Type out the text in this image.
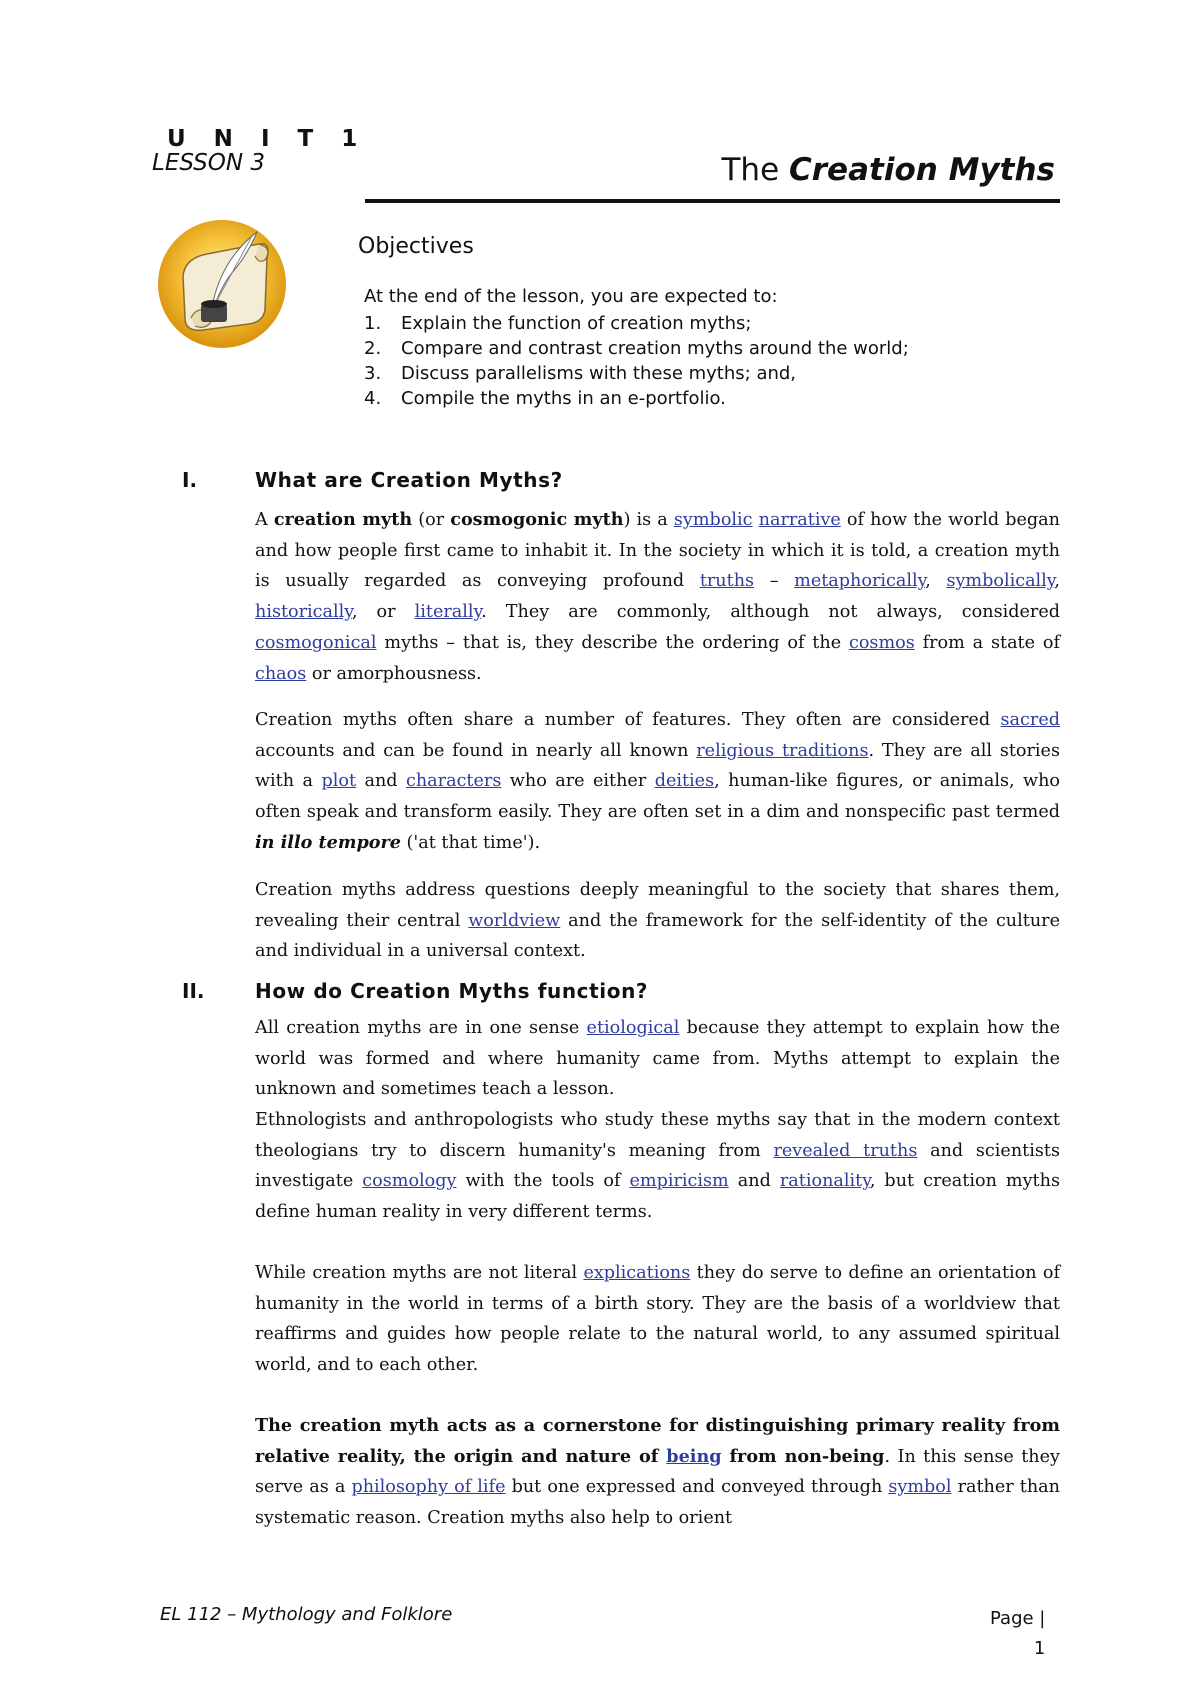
U N I T 1
LESSON 3	The Creation Myths
Objectives
At the end of the lesson, you are expected to:
1. Explain the function of creation myths;
2. Compare and contrast creation myths around the world;
3. Discuss parallelisms with these myths; and,
4. Compile the myths in an e-portfolio.
I.	What are Creation Myths?

A creation myth (or cosmogonic myth) is a symbolic narrative of how the world began and how people first came to inhabit it. In the society in which it is told, a creation myth is usually regarded as conveying profound truths – metaphorically, symbolically, historically, or literally. They are commonly, although not always, considered cosmogonical myths – that is, they describe the ordering of the cosmos from a state of chaos or amorphousness.

Creation myths often share a number of features. They often are considered sacred accounts and can be found in nearly all known religious traditions. They are all stories with a plot and characters who are either deities, human-like figures, or animals, who often speak and transform easily. They are often set in a dim and nonspecific past termed in illo tempore ('at that time').

Creation myths address questions deeply meaningful to the society that shares them, revealing their central worldview and the framework for the self-identity of the culture and individual in a universal context.

II.	How do Creation Myths function?

All creation myths are in one sense etiological because they attempt to explain how the world was formed and where humanity came from. Myths attempt to explain the unknown and sometimes teach a lesson.

Ethnologists and anthropologists who study these myths say that in the modern context theologians try to discern humanity's meaning from revealed truths and scientists investigate cosmology with the tools of empiricism and rationality, but creation myths define human reality in very different terms.

While creation myths are not literal explications they do serve to define an orientation of humanity in the world in terms of a birth story. They are the basis of a worldview that reaffirms and guides how people relate to the natural world, to any assumed spiritual world, and to each other.

The creation myth acts as a cornerstone for distinguishing primary reality from relative reality, the origin and nature of being from non-being. In this sense they serve as a philosophy of life but one expressed and conveyed through symbol rather than systematic reason. Creation myths also help to orient

EL 112 – Mythology and Folklore	Page |
1
